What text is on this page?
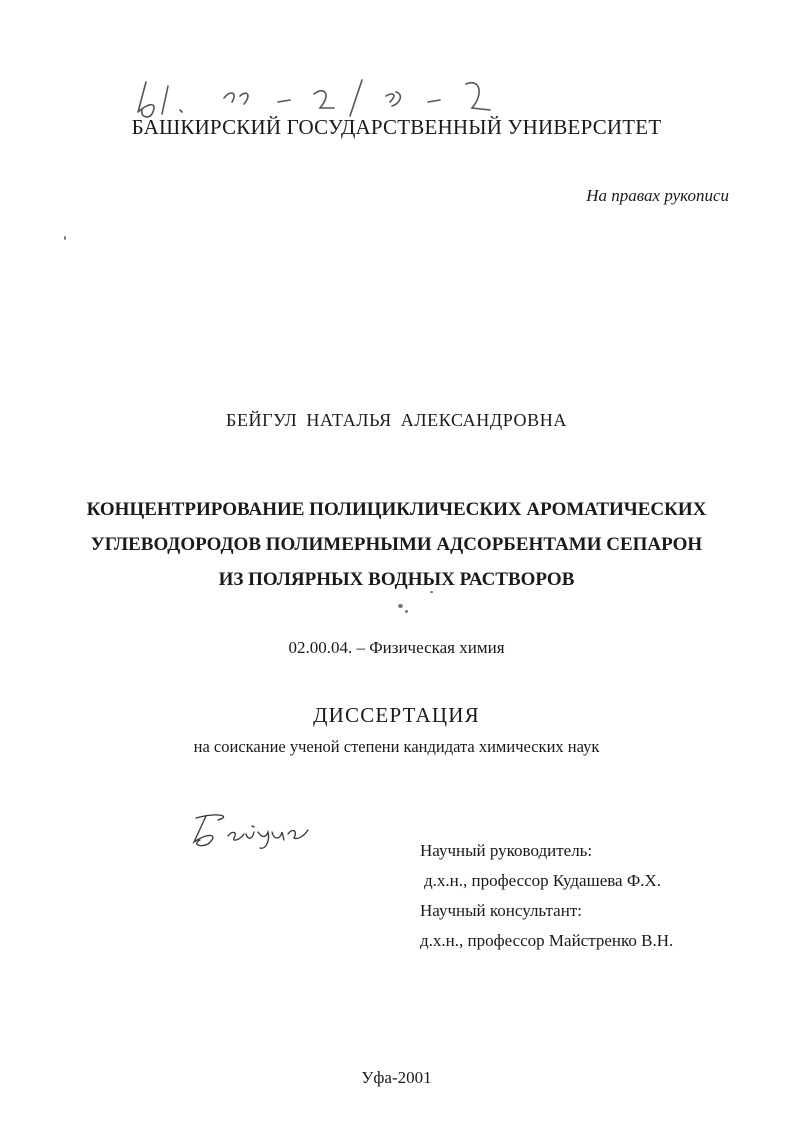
БАШКИРСКИЙ ГОСУДАРСТВЕННЫЙ УНИВЕРСИТЕТ
На правах рукописи
БЕЙГУЛ НАТАЛЬЯ АЛЕКСАНДРОВНА
КОНЦЕНТРИРОВАНИЕ ПОЛИЦИКЛИЧЕСКИХ АРОМАТИЧЕСКИХ
УГЛЕВОДОРОДОВ ПОЛИМЕРНЫМИ АДСОРБЕНТАМИ СЕПАРОН
ИЗ ПОЛЯРНЫХ ВОДНЫХ РАСТВОРОВ
02.00.04. – Физическая химия
ДИССЕРТАЦИЯ
на соискание ученой степени кандидата химических наук
Научный руководитель:
д.х.н., профессор Кудашева Ф.Х.
Научный консультант:
д.х.н., профессор Майстренко В.Н.
Уфа-2001
